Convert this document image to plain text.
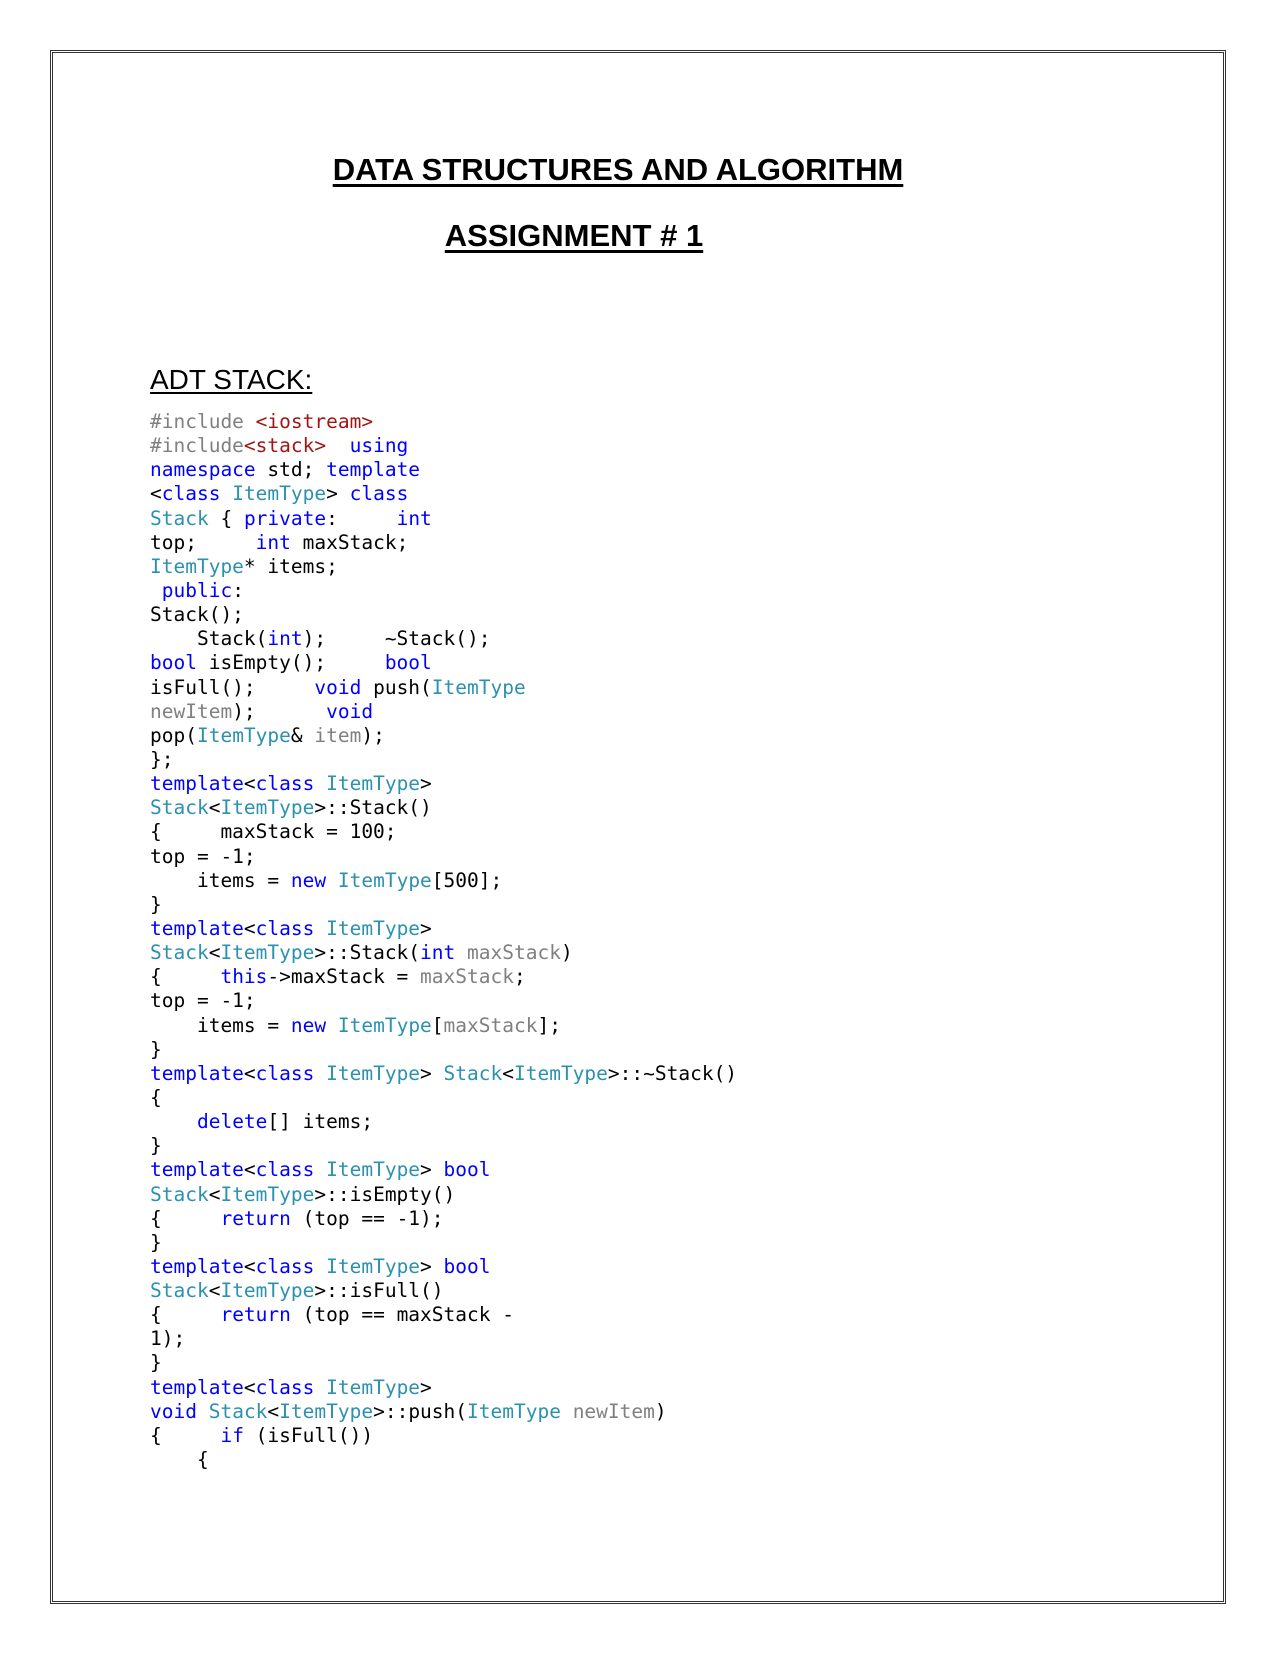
DATA STRUCTURES AND ALGORITHM
ASSIGNMENT # 1
ADT STACK:
#include <iostream>
#include<stack> using
namespace std; template
<class ItemType> class
Stack { private:     int
top;     int maxStack;
ItemType* items;
public:
Stack();
Stack(int);     ~Stack();
bool isEmpty();     bool
isFull();     void push(ItemType
newItem);      void
pop(ItemType& item);
};
template<class ItemType>
Stack<ItemType>::Stack()
{     maxStack = 100;
top = -1;
items = new ItemType[500];
}
template<class ItemType>
Stack<ItemType>::Stack(int maxStack)
{     this->maxStack = maxStack;
top = -1;
items = new ItemType[maxStack];
}
template<class ItemType> Stack<ItemType>::~Stack()
{
delete[] items;
}
template<class ItemType> bool
Stack<ItemType>::isEmpty()
{     return (top == -1);
}
template<class ItemType> bool
Stack<ItemType>::isFull()
{     return (top == maxStack -
1);
}
template<class ItemType>
void Stack<ItemType>::push(ItemType newItem)
{     if (isFull())
{
